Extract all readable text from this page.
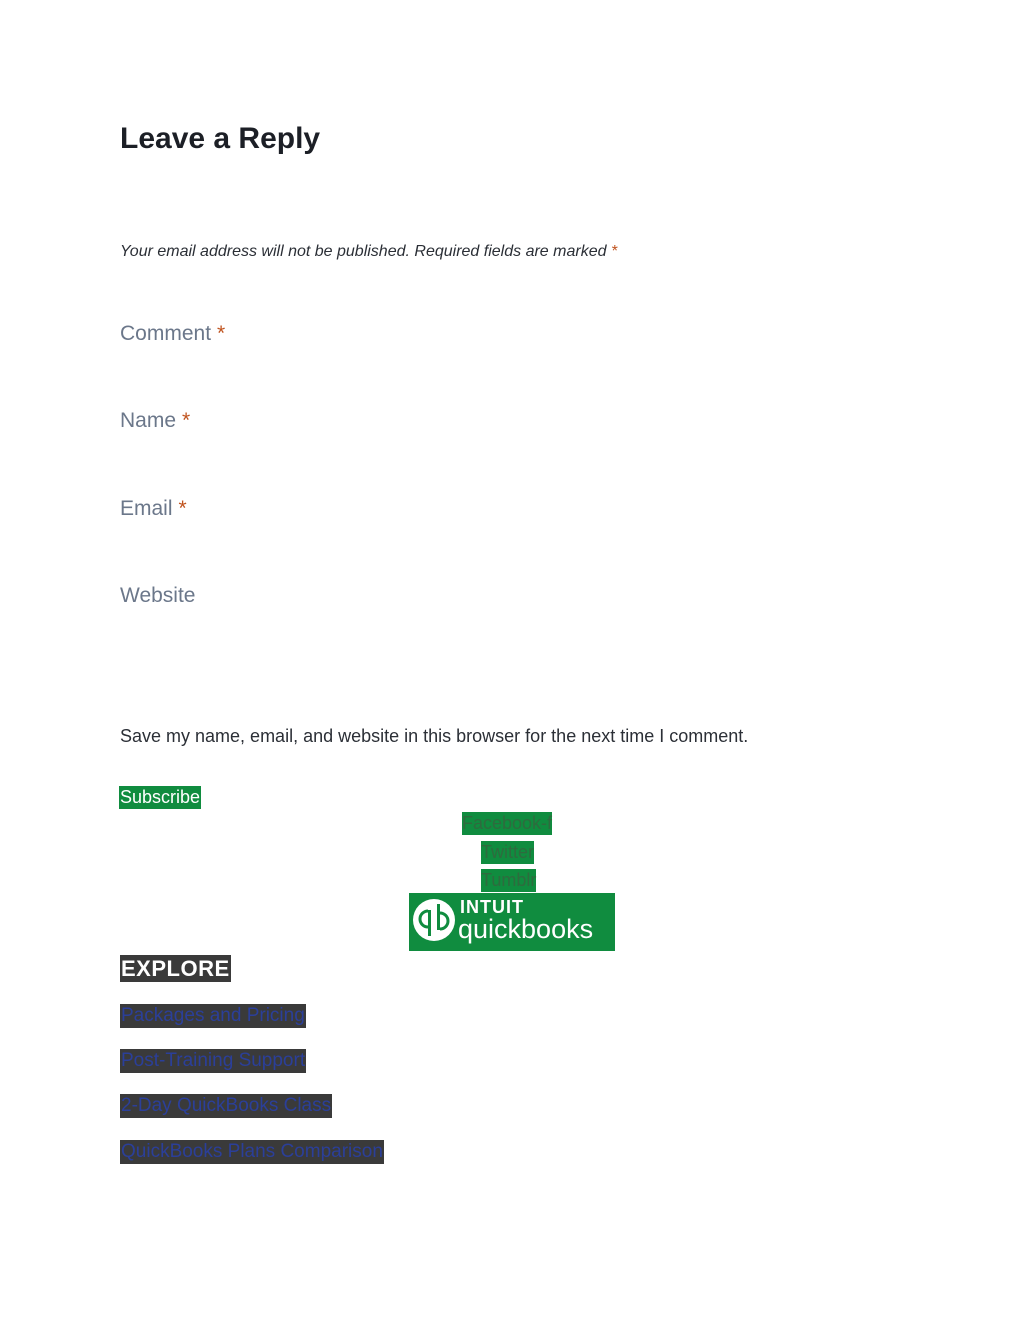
Leave a Reply
Your email address will not be published. Required fields are marked *
Comment *
Name *
Email *
Website
Save my name, email, and website in this browser for the next time I comment.
Subscribe
Facebook-f
Twitter
Tumblr
INTUIT
quickbooks
EXPLORE
Packages and Pricing
Post-Training Support
2-Day QuickBooks Class
QuickBooks Plans Comparison
